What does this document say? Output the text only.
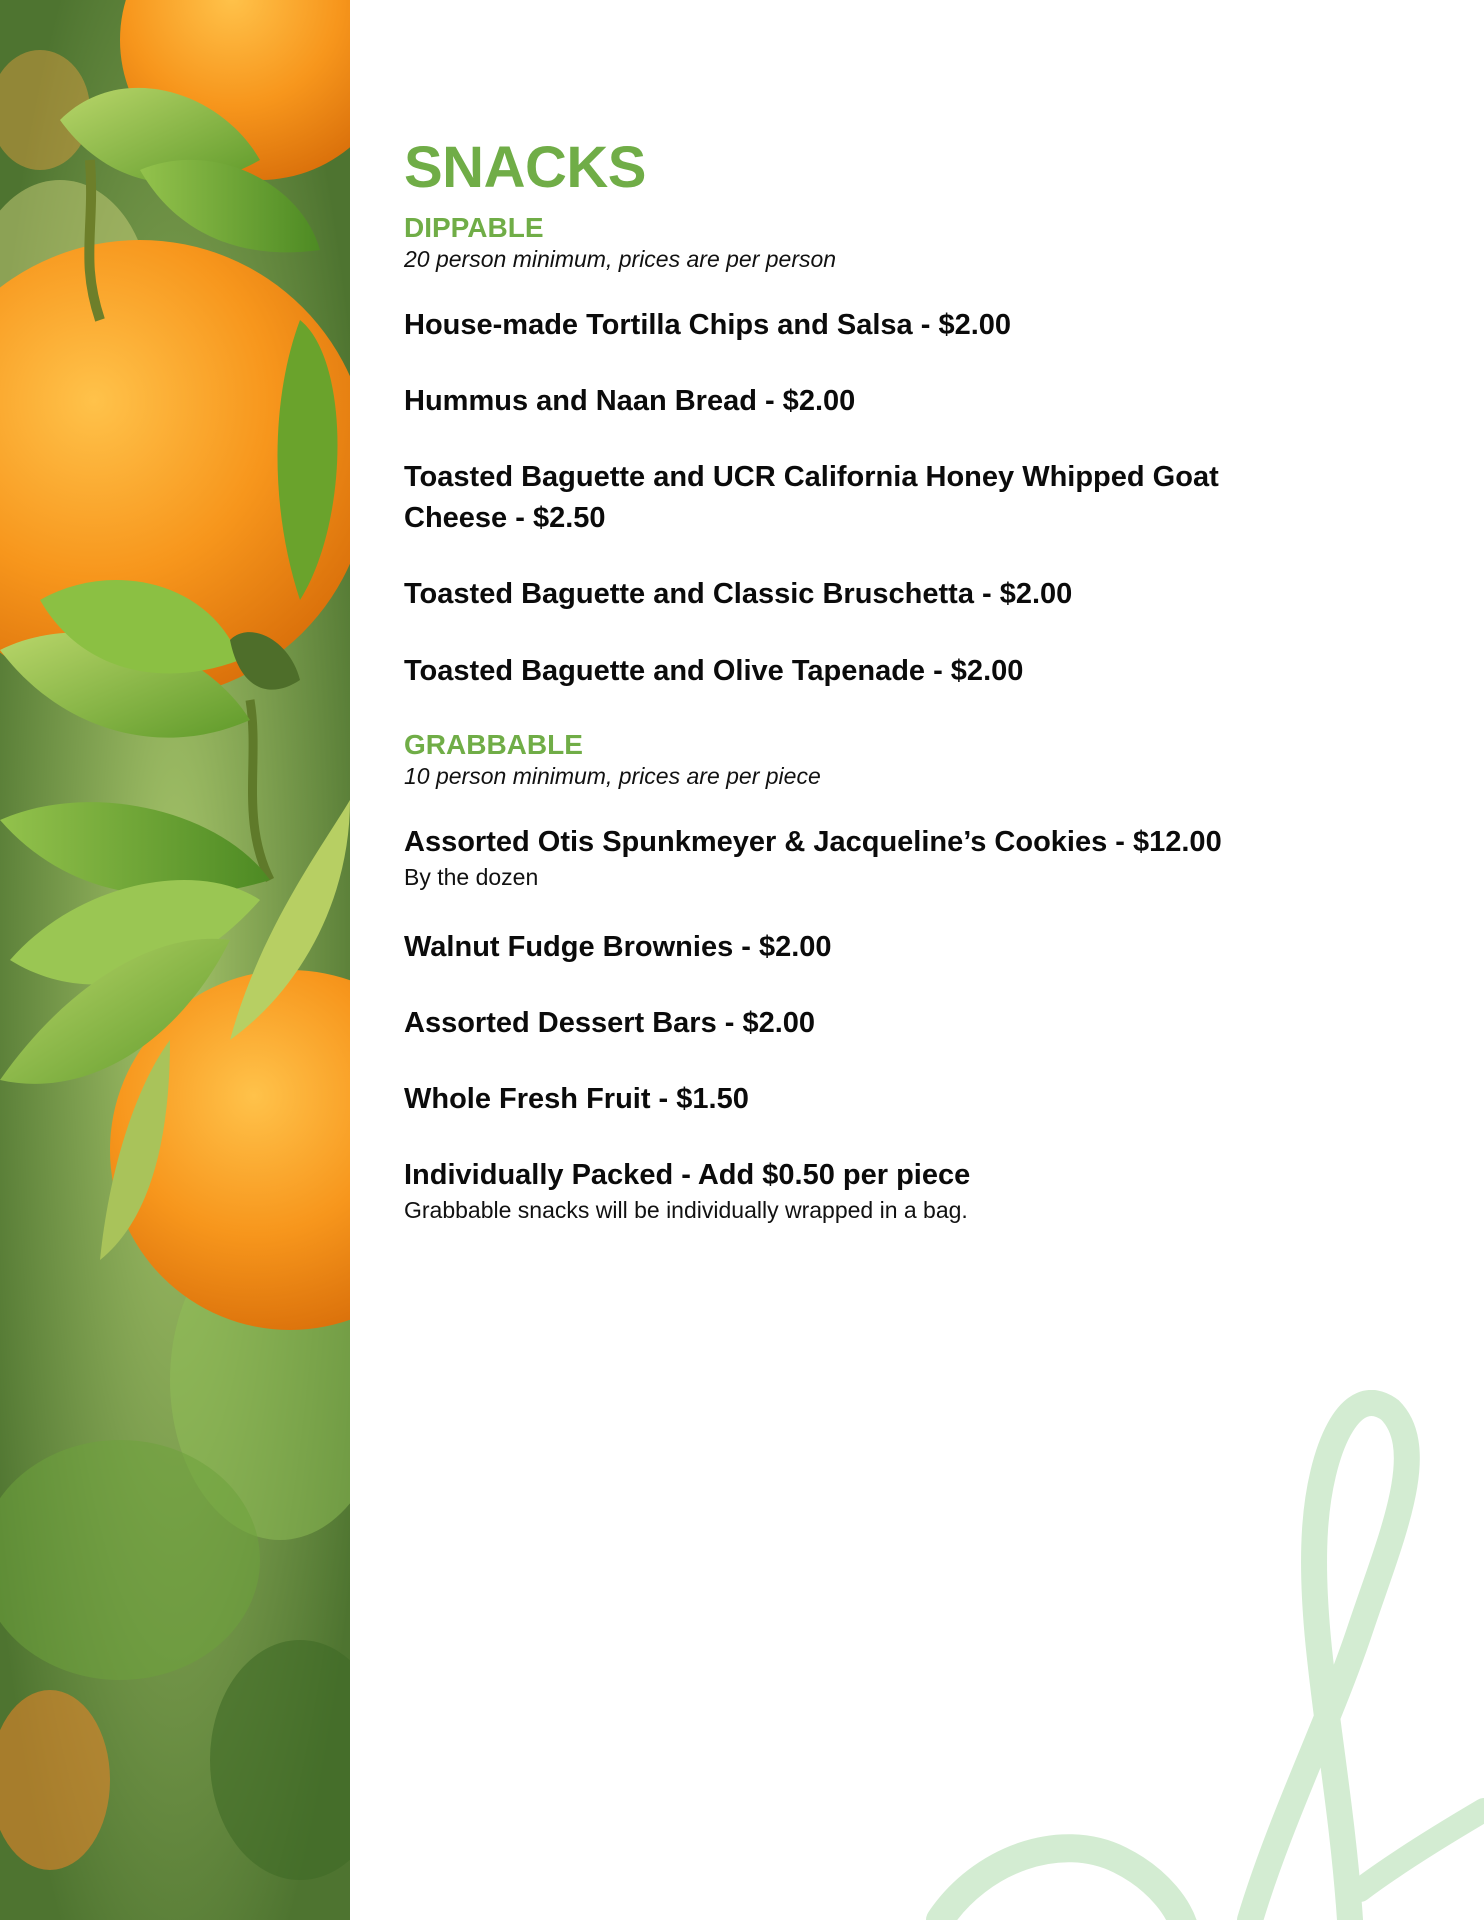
SNACKS
DIPPABLE

20 person minimum, prices are per person

House-made Tortilla Chips and Salsa - $2.00

Hummus and Naan Bread - $2.00

Toasted Baguette and UCR California Honey Whipped Goat Cheese - $2.50

Toasted Baguette and Classic Bruschetta - $2.00

Toasted Baguette and Olive Tapenade - $2.00

GRABBABLE

10 person minimum, prices are per piece

Assorted Otis Spunkmeyer & Jacqueline’s Cookies - $12.00

By the dozen

Walnut Fudge Brownies - $2.00

Assorted Dessert Bars - $2.00

Whole Fresh Fruit - $1.50

Individually Packed - Add $0.50 per piece

Grabbable snacks will be individually wrapped in a bag.
